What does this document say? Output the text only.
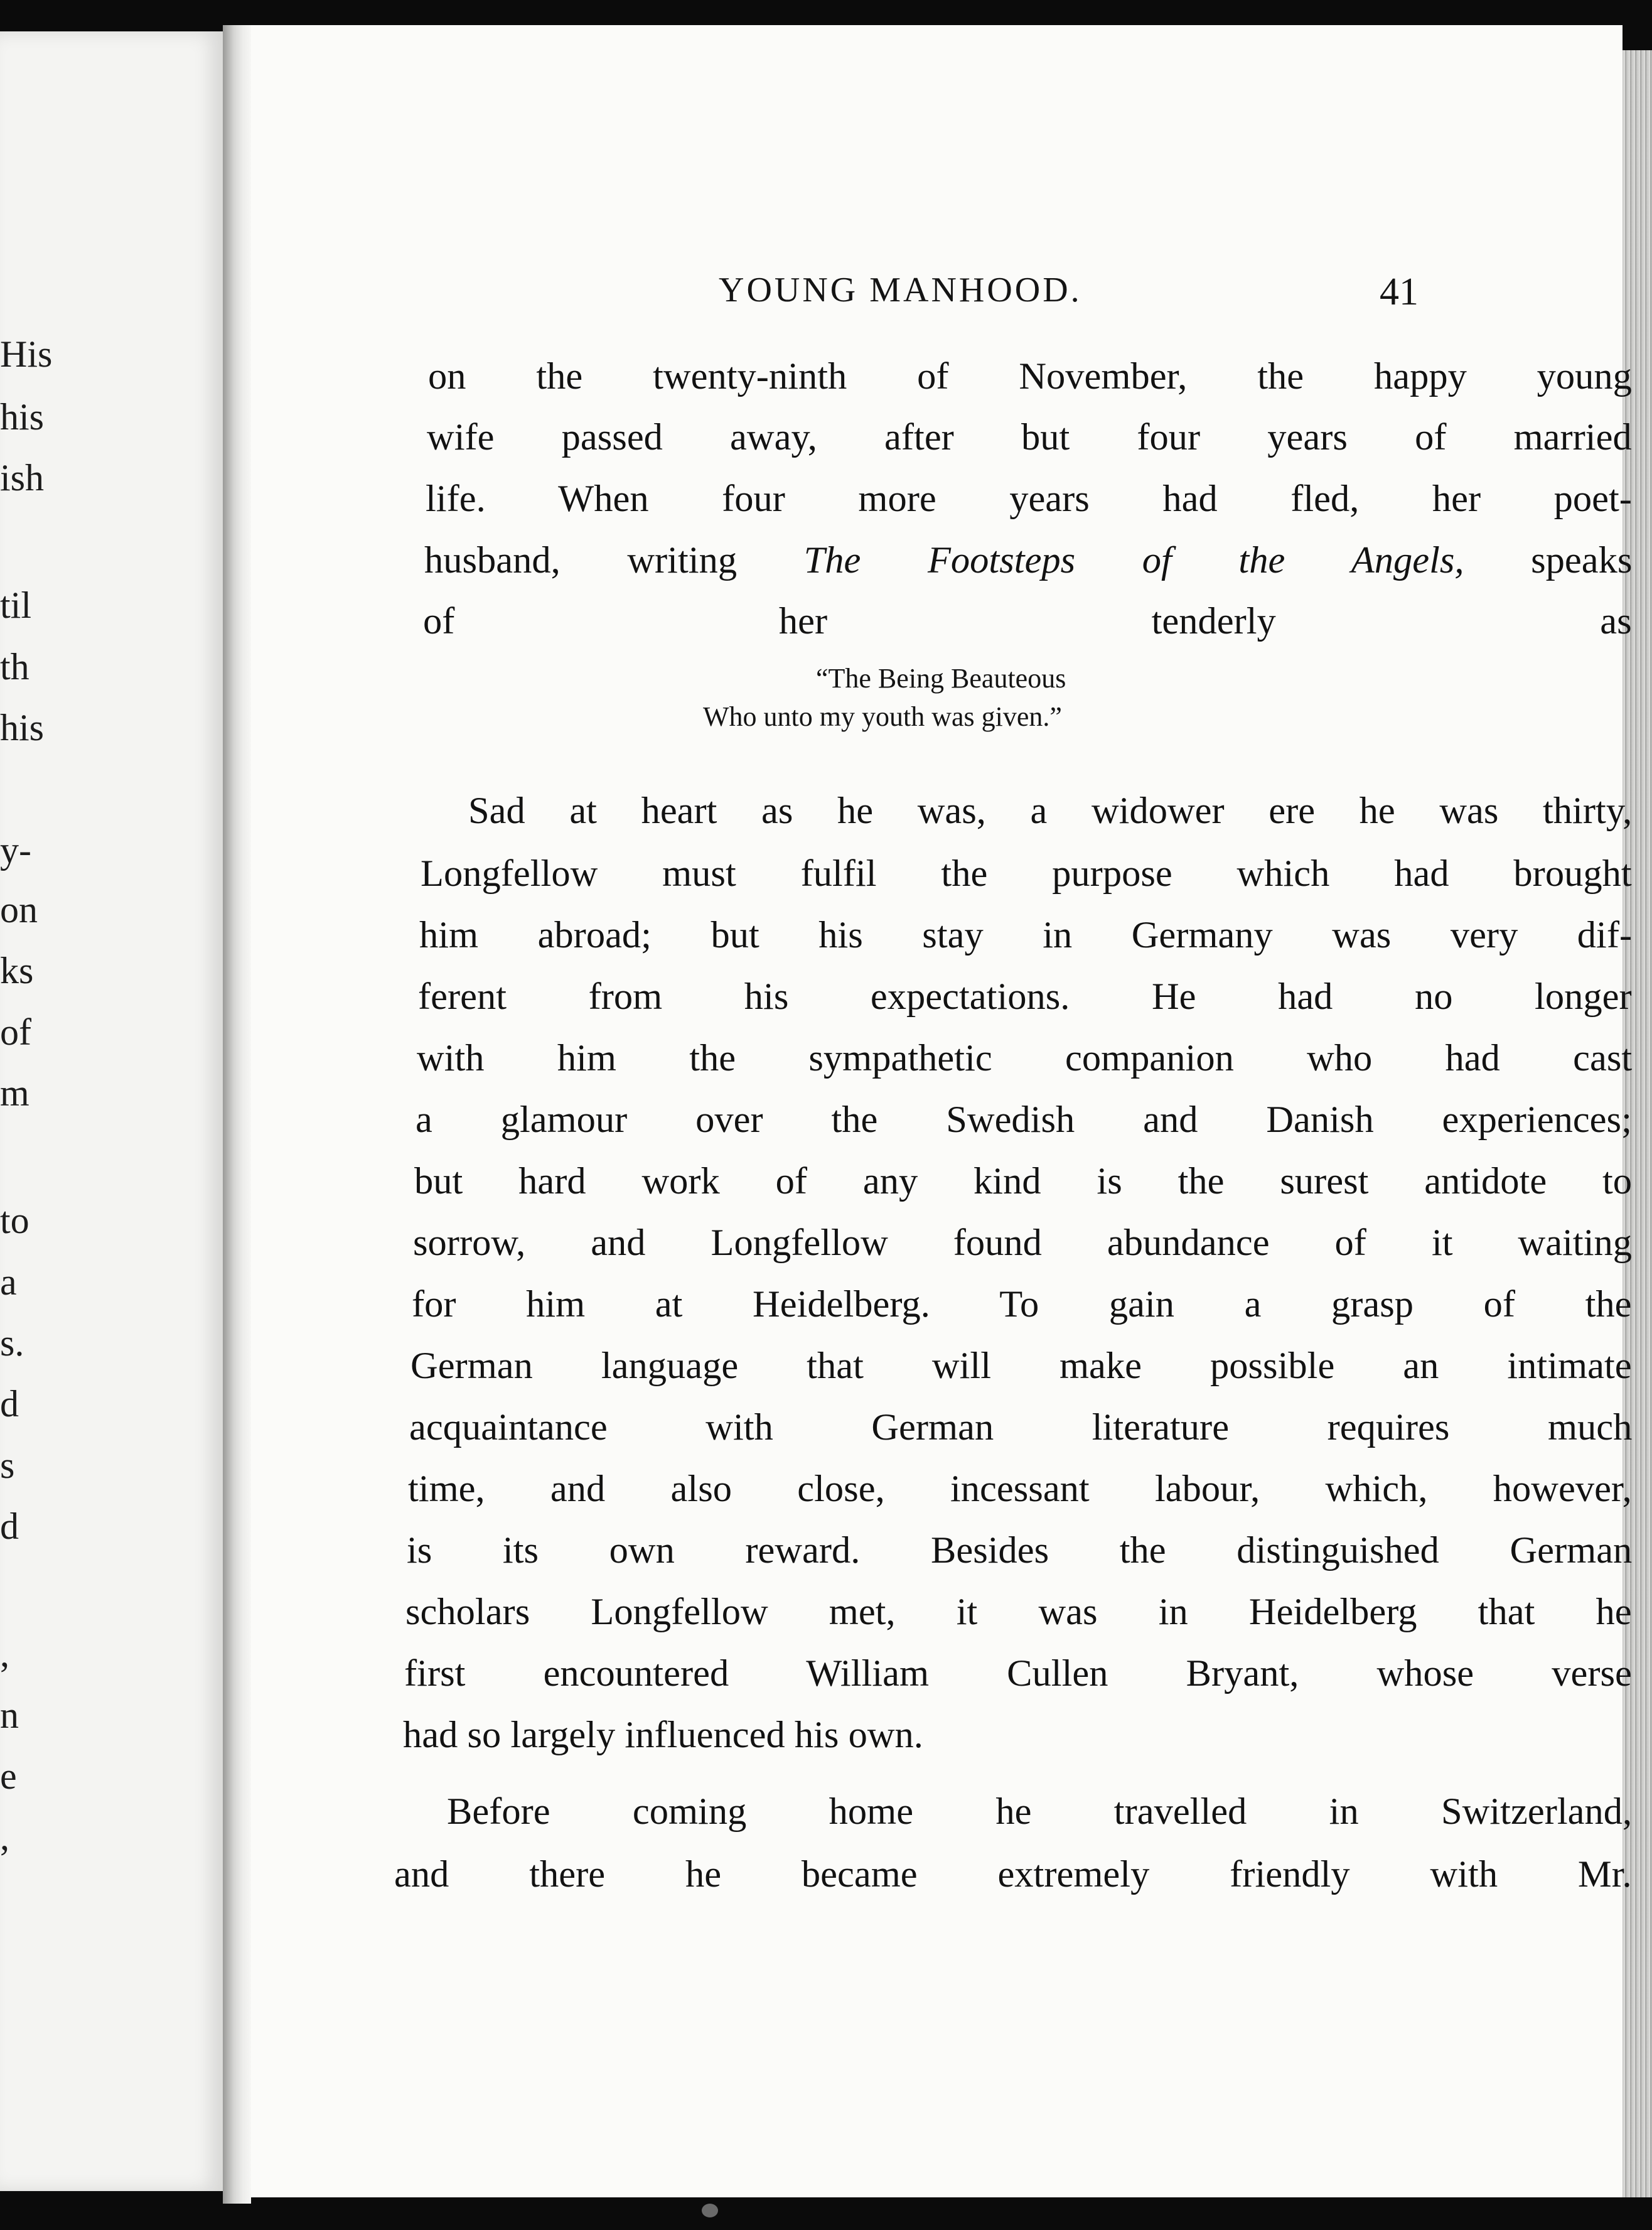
His
his
ish
til
th
his
y-
on
ks
of
m
to
a
s.
d
s
d
,
n
e
,
YOUNG MANHOOD.	41
on the twenty-ninth of November, the happy young
wife passed away, after but four years of married
life. When four more years had fled, her poet-
husband, writing The Footsteps of the Angels, speaks
of her tenderly as
“The Being Beauteous
Who unto my youth was given.”
Sad at heart as he was, a widower ere he was thirty,
Longfellow must fulfil the purpose which had brought
him abroad; but his stay in Germany was very dif-
ferent from his expectations. He had no longer
with him the sympathetic companion who had cast
a glamour over the Swedish and Danish experiences;
but hard work of any kind is the surest antidote to
sorrow, and Longfellow found abundance of it waiting
for him at Heidelberg. To gain a grasp of the
German language that will make possible an intimate
acquaintance with German literature requires much
time, and also close, incessant labour, which, however,
is its own reward. Besides the distinguished German
scholars Longfellow met, it was in Heidelberg that he
first encountered William Cullen Bryant, whose verse
had so largely influenced his own.
Before coming home he travelled in Switzerland,
and there he became extremely friendly with Mr.
